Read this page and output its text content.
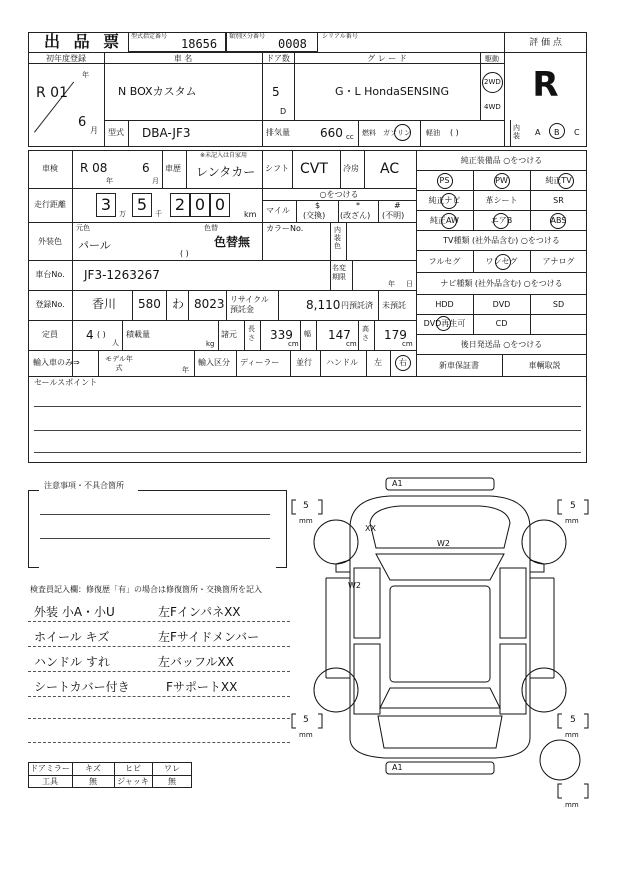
出 品 票 型式指定番号
18656
類別区分番号
0008
シリアル番号
評 価 点
R
初年度登録	車 名	ドア数	グ レ ー ド	駆動
年
R 01
6
月
N BOXカスタム	5
D
G・L HondaSENSING
2WD
4WD
型式 DBA-JF3	排気量	660 cc 燃料 ガソリン 軽油 ( )	内装 A B C
車検	R 08
年
6
月
車歴
※未記入は自家用
レンタカー シフト CVT 冷房 AC
走行距離	3	万 5	千 2 0 0
km
○をつける
マイル
$
(交換)
*
(改ざん)
#
(不明)
外装色
元色
パール
色替
色替無
( )
カラーNo.	内装色
車台No.	JF3-1263267	名変期限
年 日
登録No.	香川 580 わ 8023 リサイクル預託金	8,110 円預託済 未預託
定員	4 ( )
人
積載量
kg
諸元
長さ 339
cm
幅 147
cm
高さ 179
cm
輸入車のみ⇒	モデル年式	年
輸入区分 ディーラー 並行 ハンドル 左 右
純正装備品 ○をつける
PS	PW	純正TV
純正ナビ	革シート	SR
純正AW	エアB	ABS
TV種類 (社外品含む) ○をつける
フルセグ	ワンセグ	アナログ
ナビ種類 (社外品含む) ○をつける
HDD	DVD	SD
DVD再生可	CD
後日発送品 ○をつける
新車保証書	車輌取説
セールスポイント
注意事項・不具合箇所
検査員記入欄：修復歴「有」の場合は修復箇所・交換箇所を記入
外装 小A・小U	左FインパネXX
ホイール キズ	左Fサイドメンバー
ハンドル すれ	左バッフルXX
シートカバー付き	FサポートXX
ドアミラー	キズ	ヒビ	ワレ
工具	無	ジャッキ	無
A1
A1
XX
W2
W2
5	5
5	5
mm	mm
mm	mm
mm
